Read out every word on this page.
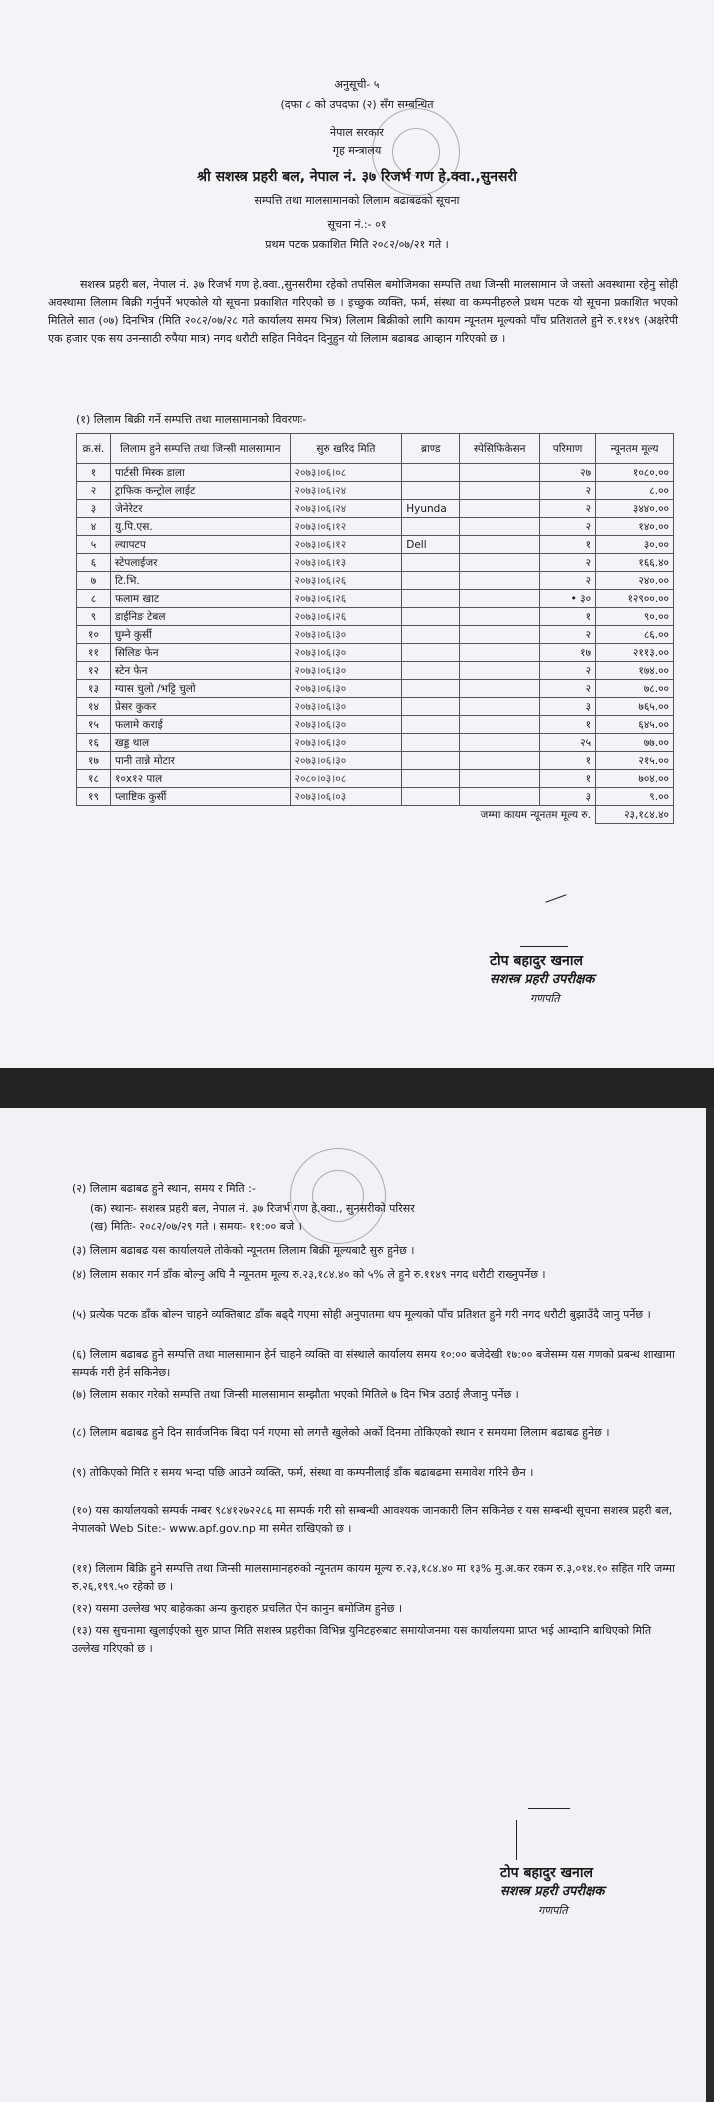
अनुसूची- ५
(दफा ८ को उपदफा (२) सँग सम्बन्धित
नेपाल सरकार
गृह मन्त्रालय
श्री सशस्त्र प्रहरी बल, नेपाल नं. ३७ रिजर्भ गण हे.क्वा.,सुनसरी
सम्पत्ति तथा मालसामानको लिलाम बढाबढको सूचना
सूचना नं.:- ०१
प्रथम पटक प्रकाशित मिति २०८२/०७/२१ गते ।
सशस्त्र प्रहरी बल, नेपाल नं. ३७ रिजर्भ गण हे.क्वा.,सुनसरीमा रहेको तपसिल बमोजिमका सम्पत्ति तथा जिन्सी मालसामान जे जस्तो अवस्थामा रहेनु सोही अवस्थामा लिलाम बिक्री गर्नुपर्ने भएकोले यो सूचना प्रकाशित गरिएको छ । इच्छुक व्यक्ति, फर्म, संस्था वा कम्पनीहरुले प्रथम पटक यो सूचना प्रकाशित भएको मितिले सात (०७) दिनभित्र (मिति २०८२/०७/२८ गते कार्यालय समय भित्र) लिलाम बिक्रीको लागि कायम न्यूनतम मूल्यको पाँच प्रतिशतले हुने रु.११४९ (अक्षरेपी एक हजार एक सय उनन्साठी रुपैया मात्र) नगद धरौटी सहित निवेदन दिनुहुन यो लिलाम बढाबढ आव्हान गरिएको छ ।
(१) लिलाम बिक्री गर्ने सम्पत्ति तथा मालसामानको विवरणः-
क्र.सं.	लिलाम हुने सम्पत्ति तथा जिन्सी मालसामान	सुरु खरिद मिति	ब्राण्ड	स्पेसिफिकेसन	परिमाण	न्यूनतम मूल्य
१	पार्टसी मिस्क डाला	२०७३।०६।०८			२७	१०८०.००
२	ट्राफिक कन्ट्रोल लाईट	२०७३।०६।२४			२	८.००
३	जेनेरेटर	२०७३।०६।२४	Hyunda		२	३४४०.००
४	यु.पि.एस.	२०७३।०६।१२			२	१४०.००
५	ल्यापटप	२०७३।०६।१२	Dell		१	३०.००
६	स्टेपलाईजर	२०७३।०६।१३			२	१६६.४०
७	टि.भि.	२०७३।०६।२६			२	२४०.००
८	फलाम खाट	२०७३।०६।२६			• ३०	१२९००.००
९	डाईनिङ टेबल	२०७३।०६।२६			१	९०.००
१०	घुम्ने कुर्सी	२०७३।०६।३०			२	८६.००
११	सिलिङ फेन	२०७३।०६।३०			१७	२११३.००
१२	स्टेन फेन	२०७३।०६।३०			२	१७४.००
१३	ग्यास चुलो /भट्टि चुलो	२०७३।०६।३०			२	७८.००
१४	प्रेसर कुकर	२०७३।०६।३०			३	७६५.००
१५	फलामे कराई	२०७३।०६।३०			१	६४५.००
१६	खड्ड थाल	२०७३।०६।३०			२५	७७.००
१७	पानी तान्ने मोटार	२०७३।०६।३०			१	२१५.००
१८	१०x१२ पाल	२०८०।०३।०८			१	७०४.००
१९	प्लाष्टिक कुर्सी	२०७३।०६।०३			३	९.००
जम्मा कायम न्यूनतम मूल्य रु.						२३,१८४.४०
टोप बहादुर खनाल
सशस्त्र प्रहरी उपरीक्षक
गणपति
(२) लिलाम बढाबढ हुने स्थान, समय र मिति :-
(क) स्थानः- सशस्त्र प्रहरी बल, नेपाल नं. ३७ रिजर्भ गण हे.क्वा., सुनसरीको परिसर
(ख) मितिः- २०८२/०७/२९ गते । समयः- ११:०० बजे ।
(३) लिलाम बढाबढ यस कार्यालयले तोकेको न्यूनतम लिलाम बिक्री मूल्यबाटै सुरु हुनेछ ।
(४) लिलाम सकार गर्न डाँक बोल्नु अघि नै न्यूनतम मूल्य रु.२३,१८४.४० को ५% ले हुने रु.११४९ नगद धरौटी राख्नुपर्नेछ ।
(५) प्रत्येक पटक डाँक बोल्न चाहने व्यक्तिबाट डाँक बढ्दै गएमा सोही अनुपातमा थप मूल्यको पाँच प्रतिशत हुने गरी नगद धरौटी बुझाउँदै जानु पर्नेछ ।
(६) लिलाम बढाबढ हुने सम्पत्ति तथा मालसामान हेर्न चाहने व्यक्ति वा संस्थाले कार्यालय समय १०:०० बजेदेखी १७:०० बजेसम्म यस गणको प्रबन्ध शाखामा सम्पर्क गरी हेर्न सकिनेछ।
(७) लिलाम सकार गरेको सम्पत्ति तथा जिन्सी मालसामान सम्झौता भएको मितिले ७ दिन भित्र उठाई लैजानु पर्नेछ ।
(८) लिलाम बढाबढ हुने दिन सार्वजनिक बिदा पर्न गएमा सो लगत्तै खुलेको अर्को दिनमा तोकिएको स्थान र समयमा लिलाम बढाबढ हुनेछ ।
(९) तोकिएको मिति र समय भन्दा पछि आउने व्यक्ति, फर्म, संस्था वा कम्पनीलाई डाँक बढाबढमा समावेश गरिने छैन ।
(१०) यस कार्यालयको सम्पर्क नम्बर ९८४१२७२२८६ मा सम्पर्क गरी सो सम्बन्धी आवश्यक जानकारी लिन सकिनेछ र यस सम्बन्धी सूचना सशस्त्र प्रहरी बल, नेपालको Web Site:- www.apf.gov.np मा समेत राखिएको छ ।
(११) लिलाम बिक्रि हुने सम्पत्ति तथा जिन्सी मालसामानहरुको न्यूनतम कायम मूल्य रु.२३,१८४.४० मा १३% मु.अ.कर रकम रु.३,०१४.१० सहित गरि जम्मा रु.२६,१९९.५० रहेको छ ।
(१२) यसमा उल्लेख भए बाहेकका अन्य कुराहरु प्रचलित ऐन कानुन बमोजिम हुनेछ ।
(१३) यस सुचनामा खुलाईएको सुरु प्राप्त मिति सशस्त्र प्रहरीका विभिन्न युनिटहरुबाट समायोजनमा यस कार्यालयमा प्राप्त भई आम्दानि बाधिएको मिति उल्लेख गरिएको छ ।
टोप बहादुर खनाल
सशस्त्र प्रहरी उपरीक्षक
गणपति
